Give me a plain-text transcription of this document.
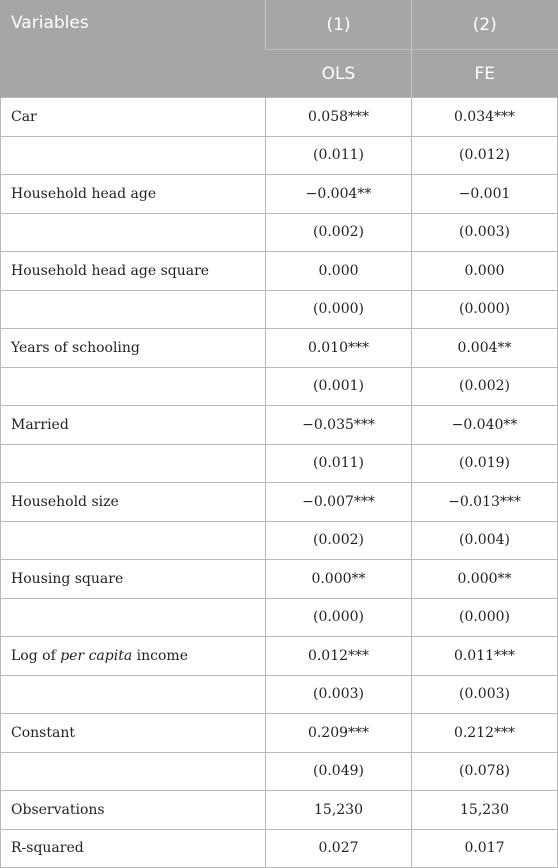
Variables	(1)	(2)
	OLS	FE
Car	0.058***	0.034***
	(0.011)	(0.012)
Household head age	−0.004**	−0.001
	(0.002)	(0.003)
Household head age square	0.000	0.000
	(0.000)	(0.000)
Years of schooling	0.010***	0.004**
	(0.001)	(0.002)
Married	−0.035***	−0.040**
	(0.011)	(0.019)
Household size	−0.007***	−0.013***
	(0.002)	(0.004)
Housing square	0.000**	0.000**
	(0.000)	(0.000)
Log of per capita income	0.012***	0.011***
	(0.003)	(0.003)
Constant	0.209***	0.212***
	(0.049)	(0.078)
Observations	15,230	15,230
R-squared	0.027	0.017
